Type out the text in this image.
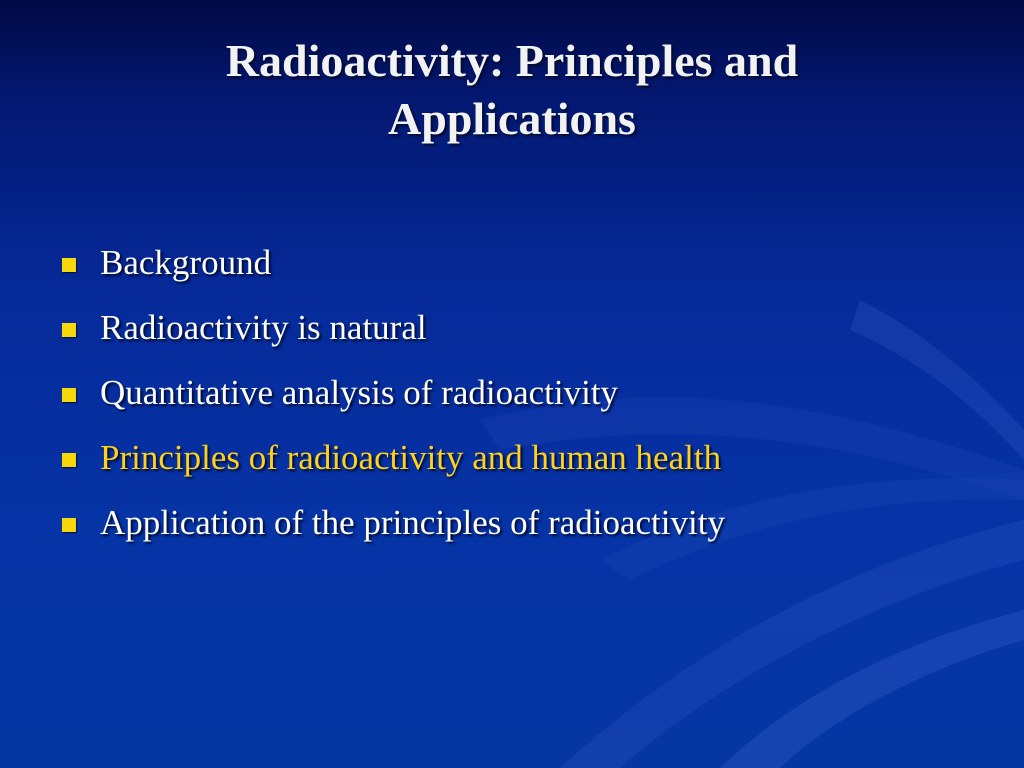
Radioactivity: Principles and
Applications
Background
Radioactivity is natural
Quantitative analysis of radioactivity
Principles of radioactivity and human health
Application of the principles of radioactivity
